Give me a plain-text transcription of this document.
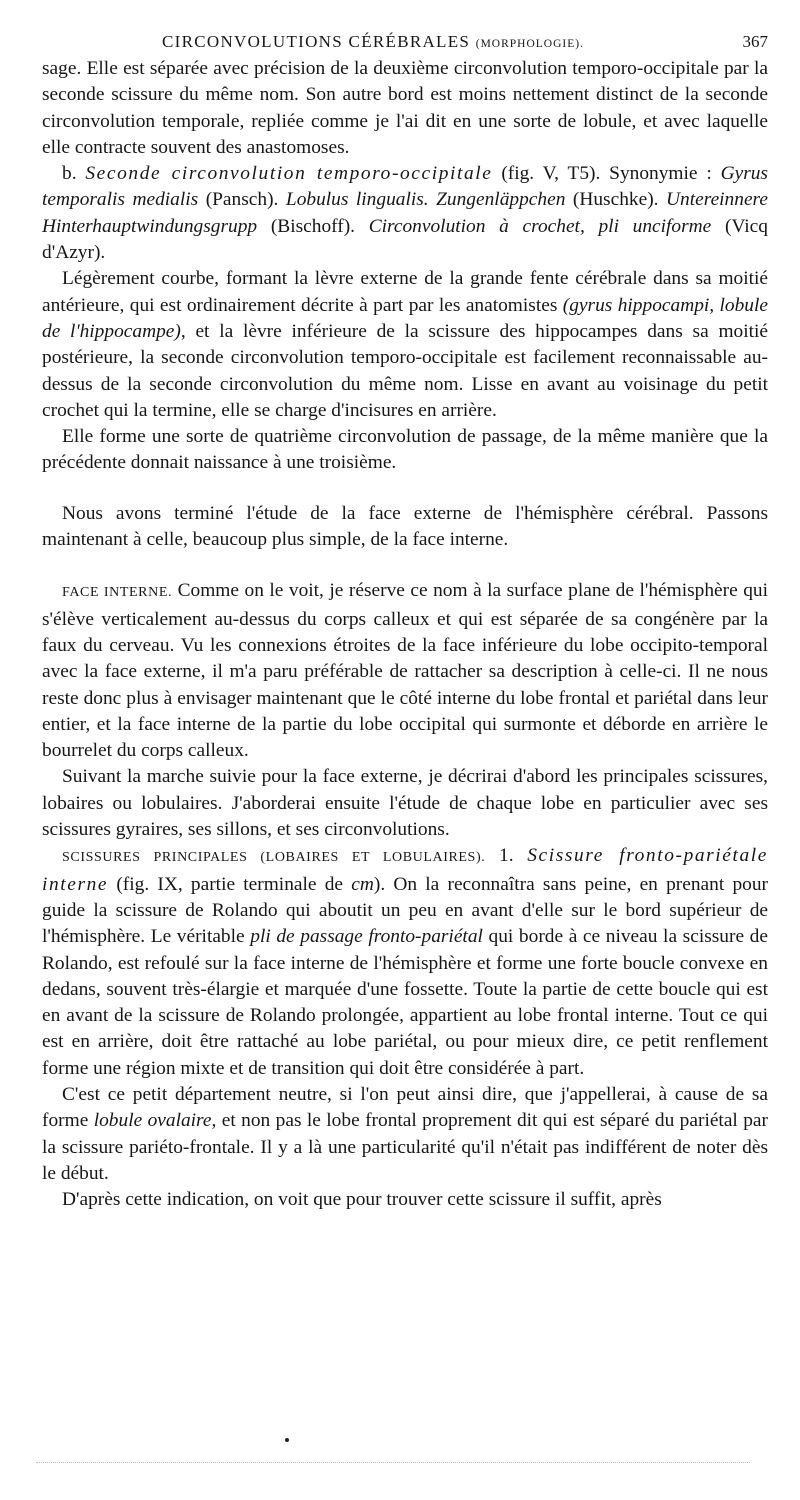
CIRCONVOLUTIONS CÉRÉBRALES (MORPHOLOGIE).	367

sage. Elle est séparée avec précision de la deuxième circonvolution temporo-occipitale par la seconde scissure du même nom. Son autre bord est moins nettement distinct de la seconde circonvolution temporale, repliée comme je l'ai dit en une sorte de lobule, et avec laquelle elle contracte souvent des anastomoses.

b. Seconde circonvolution temporo-occipitale (fig. V, T5). Synonymie : Gyrus temporalis medialis (Pansch). Lobulus lingualis. Zungenläppchen (Huschke). Untereinnere Hinterhauptwindungsgrupp (Bischoff). Circonvolution à crochet, pli unciforme (Vicq d'Azyr).

Légèrement courbe, formant la lèvre externe de la grande fente cérébrale dans sa moitié antérieure, qui est ordinairement décrite à part par les anatomistes (gyrus hippocampi, lobule de l'hippocampe), et la lèvre inférieure de la scissure des hippocampes dans sa moitié postérieure, la seconde circonvolution temporo-occipitale est facilement reconnaissable au-dessus de la seconde circonvolution du même nom. Lisse en avant au voisinage du petit crochet qui la termine, elle se charge d'incisures en arrière.

Elle forme une sorte de quatrième circonvolution de passage, de la même manière que la précédente donnait naissance à une troisième.

Nous avons terminé l'étude de la face externe de l'hémisphère cérébral. Passons maintenant à celle, beaucoup plus simple, de la face interne.

FACE INTERNE. Comme on le voit, je réserve ce nom à la surface plane de l'hémisphère qui s'élève verticalement au-dessus du corps calleux et qui est séparée de sa congénère par la faux du cerveau. Vu les connexions étroites de la face inférieure du lobe occipito-temporal avec la face externe, il m'a paru préférable de rattacher sa description à celle-ci. Il ne nous reste donc plus à envisager maintenant que le côté interne du lobe frontal et pariétal dans leur entier, et la face interne de la partie du lobe occipital qui surmonte et déborde en arrière le bourrelet du corps calleux.

Suivant la marche suivie pour la face externe, je décrirai d'abord les principales scissures, lobaires ou lobulaires. J'aborderai ensuite l'étude de chaque lobe en particulier avec ses scissures gyraires, ses sillons, et ses circonvolutions.

SCISSURES PRINCIPALES (LOBAIRES ET LOBULAIRES). 1. Scissure fronto-pariétale interne (fig. IX, partie terminale de cm). On la reconnaîtra sans peine, en prenant pour guide la scissure de Rolando qui aboutit un peu en avant d'elle sur le bord supérieur de l'hémisphère. Le véritable pli de passage fronto-pariétal qui borde à ce niveau la scissure de Rolando, est refoulé sur la face interne de l'hémisphère et forme une forte boucle convexe en dedans, souvent très-élargie et marquée d'une fossette. Toute la partie de cette boucle qui est en avant de la scissure de Rolando prolongée, appartient au lobe frontal interne. Tout ce qui est en arrière, doit être rattaché au lobe pariétal, ou pour mieux dire, ce petit renflement forme une région mixte et de transition qui doit être considérée à part.

C'est ce petit département neutre, si l'on peut ainsi dire, que j'appellerai, à cause de sa forme lobule ovalaire, et non pas le lobe frontal proprement dit qui est séparé du pariétal par la scissure pariéto-frontale. Il y a là une particularité qu'il n'était pas indifférent de noter dès le début.

D'après cette indication, on voit que pour trouver cette scissure il suffit, après
